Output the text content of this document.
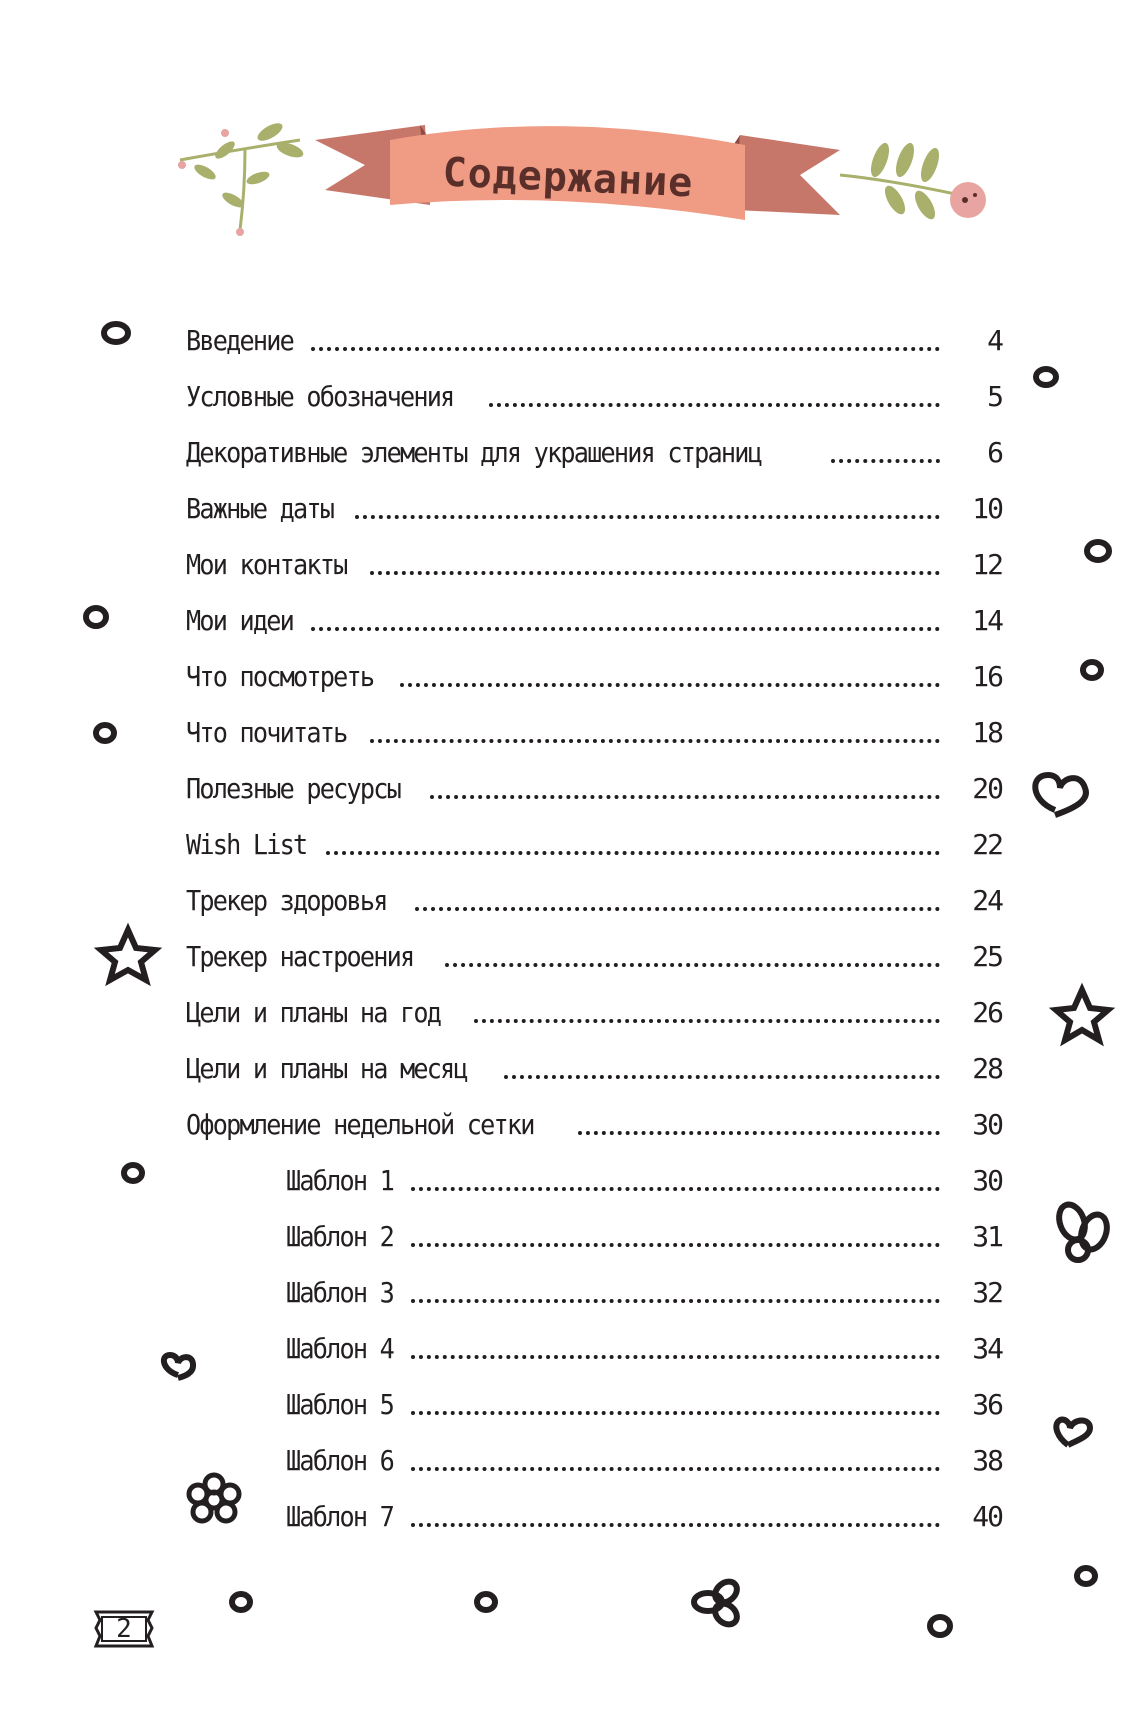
Содержание
Введение	4
Условные обозначения	5
Декоративные элементы для украшения страниц	6
Важные даты	10
Мои контакты	12
Мои идеи	14
Что посмотреть	16
Что почитать	18
Полезные ресурсы	20
Wish List	22
Трекер здоровья	24
Трекер настроения	25
Цели и планы на год	26
Цели и планы на месяц	28
Оформление недельной сетки	30
Шаблон 1	30
Шаблон 2	31
Шаблон 3	32
Шаблон 4	34
Шаблон 5	36
Шаблон 6	38
Шаблон 7	40
2
